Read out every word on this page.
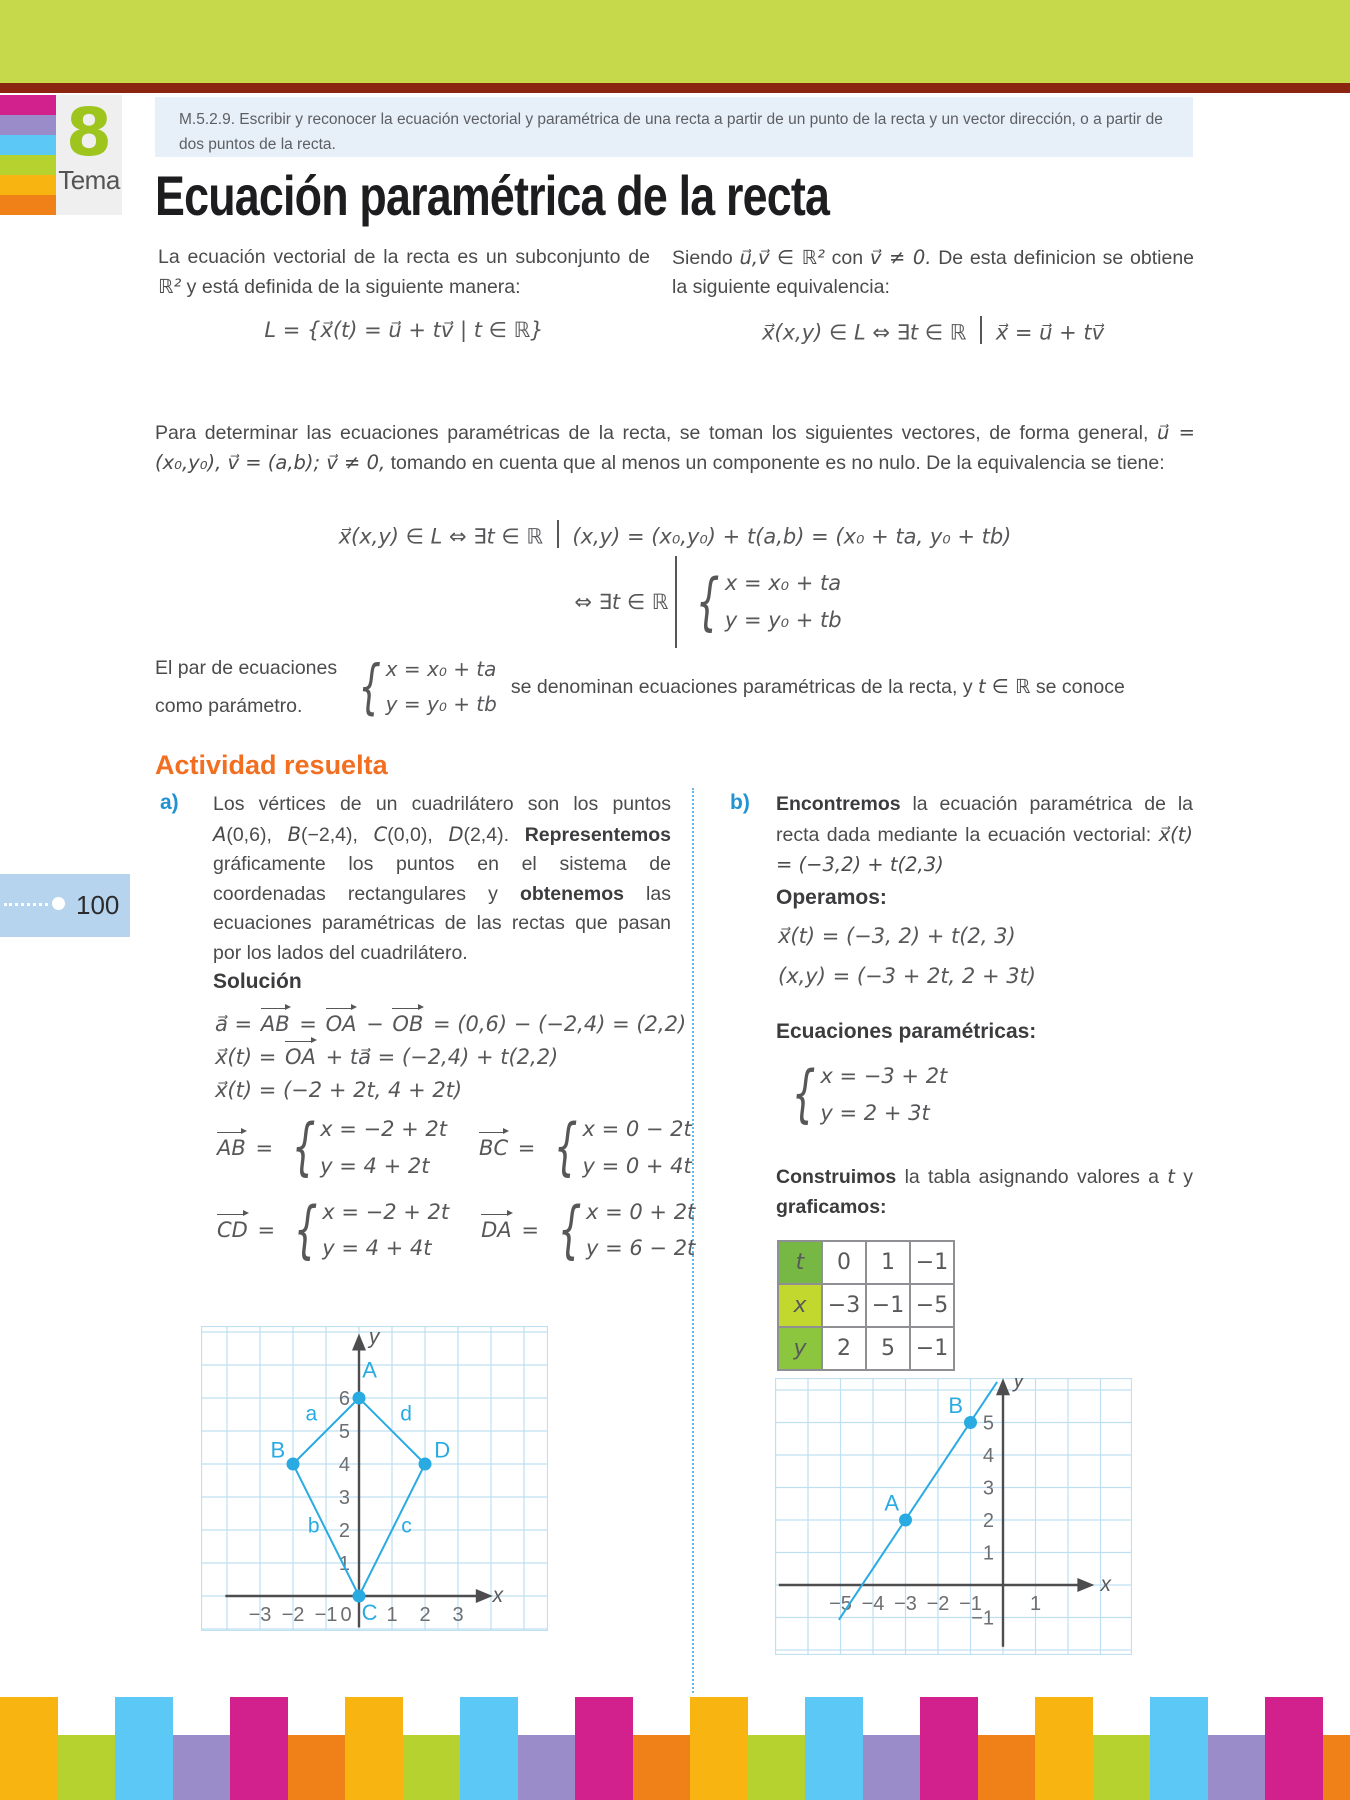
8
Tema
M.5.2.9. Escribir y reconocer la ecuación vectorial y paramétrica de una recta a partir de un punto de la recta y un vector dirección, o a partir de dos puntos de la recta.
Ecuación paramétrica de la recta
La ecuación vectorial de la recta es un subconjunto de ℝ² y está definida de la siguiente manera:
L = {x⃗(t) = u⃗ + tv⃗ | t ∈ ℝ}
Siendo u⃗,v⃗ ∈ ℝ² con v⃗ ≠ 0. De esta definicion se obtiene la siguiente equivalencia:
x⃗(x,y) ∈ L ⇔ ∃t ∈ ℝ  x⃗ = u⃗ + tv⃗
Para determinar las ecuaciones paramétricas de la recta, se toman los siguientes vectores, de forma general, u⃗ = (x₀,y₀), v⃗ = (a,b); v⃗ ≠ 0, tomando en cuenta que al menos un componente es no nulo. De la equivalencia se tiene:
x⃗(x,y) ∈ L ⇔ ∃t ∈ ℝ  (x,y) = (x₀,y₀) + t(a,b) = (x₀ + ta, y₀ + tb)
⇔ ∃t ∈ ℝ { x = x₀ + ta
y = y₀ + tb
El par de ecuaciones
como parámetro. { x = x₀ + ta
y = y₀ + tb
se denominan ecuaciones paramétricas de la recta, y t ∈ ℝ se conoce
Actividad resuelta
a) Los vértices de un cuadrilátero son los puntos A(0,6), B(−2,4), C(0,0), D(2,4). Representemos gráficamente los puntos en el sistema de coordenadas rectangulares y obtenemos las ecuaciones paramétricas de las rectas que pasan por los lados del cuadrilátero.
Solución
a⃗ = AB = OA − OB = (0,6) − (−2,4) = (2,2)
x⃗(t) = OA + ta⃗ = (−2,4) + t(2,2)
x⃗(t) = (−2 + 2t, 4 + 2t)
AB = { x = −2 + 2t
y = 4 + 2t
BC = { x = 0 − 2t
y = 0 + 4t
CD = { x = −2 + 2t
y = 4 + 4t
DA = { x = 0 + 2t
y = 6 − 2t
−3 −2 −1 0 1 2 3
1
2
3
4
5
6
x
y
a	d
b	c
A
B
C
D
b) Encontremos la ecuación paramétrica de la recta dada mediante la ecuación vectorial: x⃗(t) = (−3,2) + t(2,3)
Operamos:
x⃗(t) = (−3, 2) + t(2, 3)
(x,y) = (−3 + 2t, 2 + 3t)
Ecuaciones paramétricas:
{ x = −3 + 2t
y = 2 + 3t
Construimos la tabla asignando valores a t y graficamos:
t	0	1	−1
x	−3	−1	−5
y	2	5	−1
−5 −4 −3 −2 −1 1
−1
1
2
3
4
5
x
y
A
B
100
